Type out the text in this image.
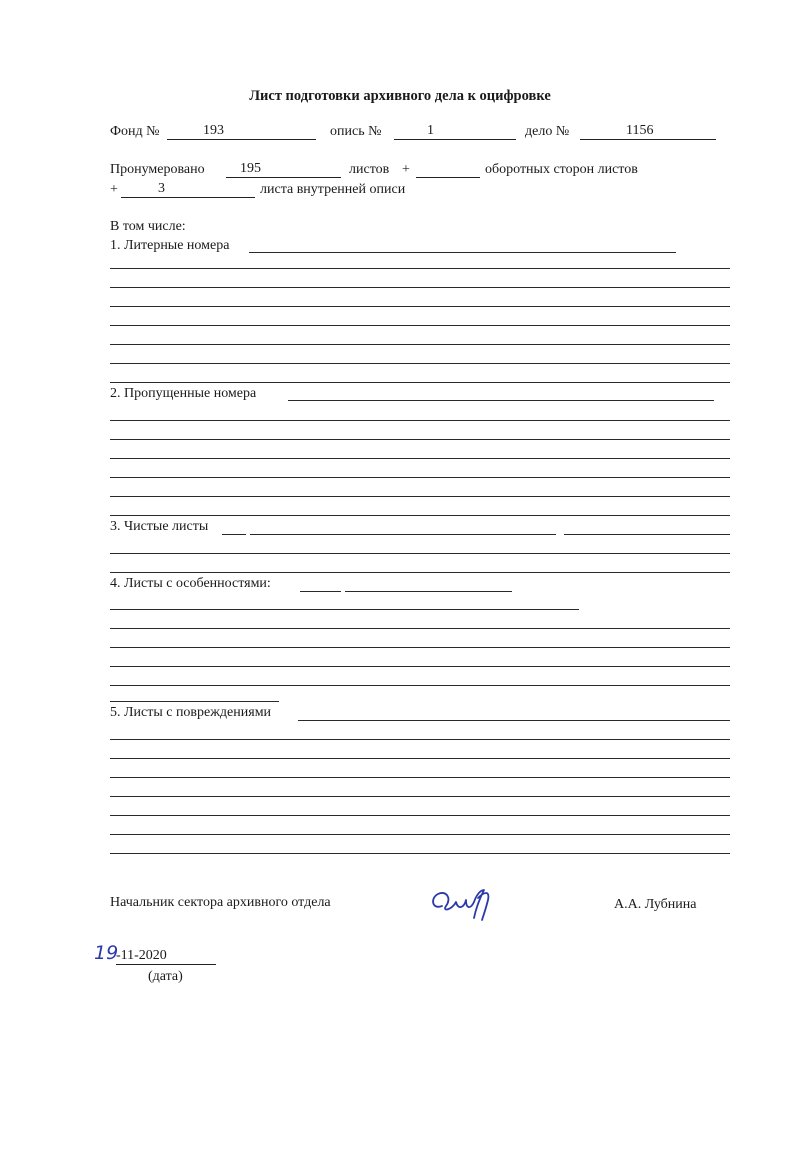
Лист подготовки архивного дела к оцифровке
Фонд №	193	опись №	1	дело №	1156
Пронумеровано	195	листов +	оборотных сторон листов
+	3	листа внутренней описи
В том числе:
1. Литерные номера
2. Пропущенные номера
3. Чистые листы
4. Листы с особенностями:
5. Листы с повреждениями
Начальник сектора архивного отдела	А.А. Лубнина
19
-11-2020
(дата)
